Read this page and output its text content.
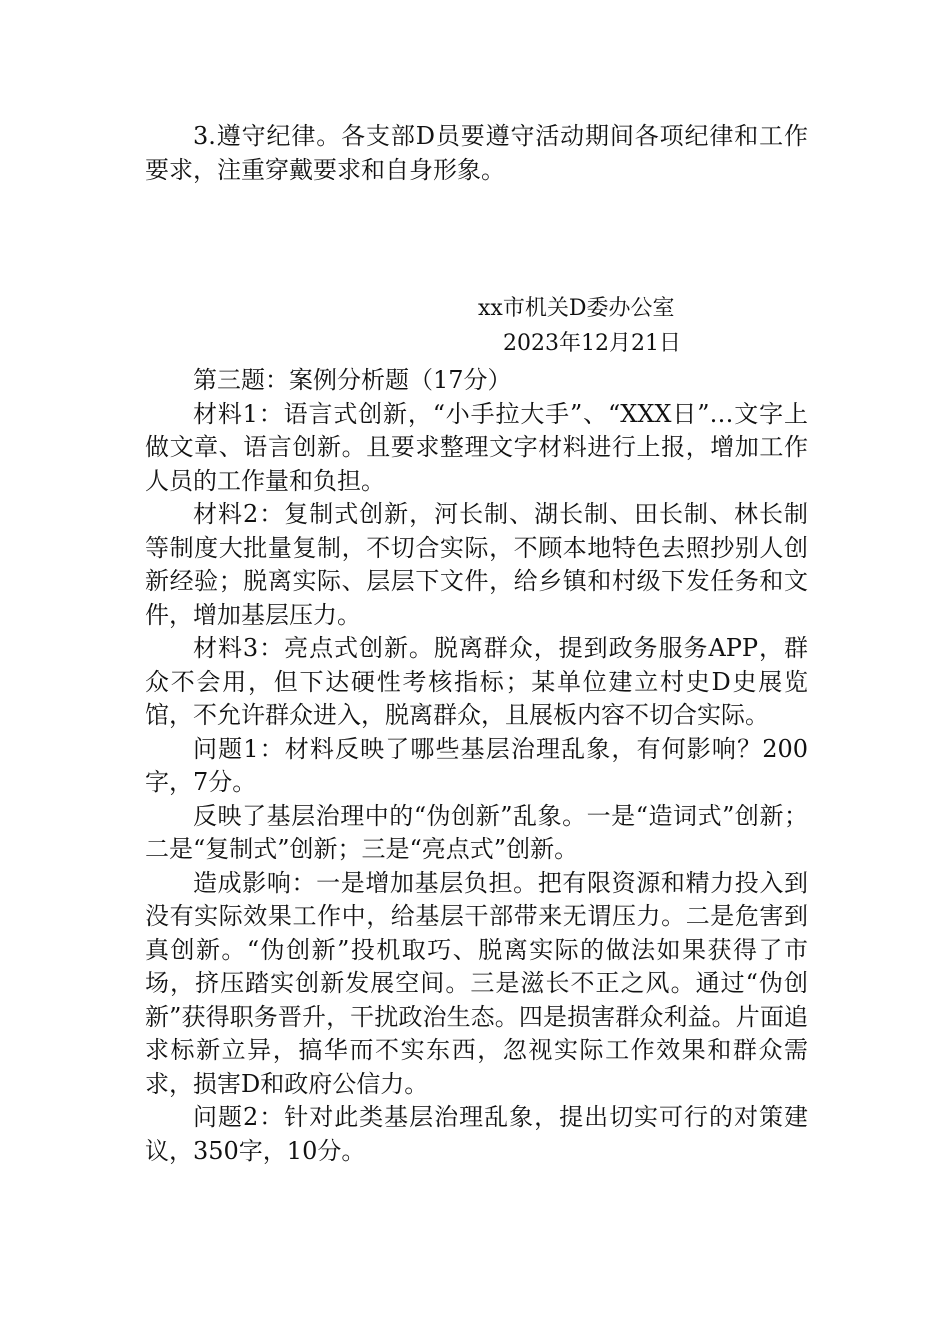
3.遵守纪律。各支部D员要遵守活动期间各项纪律和工作要求，注重穿戴要求和自身形象。

xx市机关D委办公室
2023年12月21日

第三题：案例分析题（17分）

材料1：语言式创新，“小手拉大手”、“XXX日”…文字上做文章、语言创新。且要求整理文字材料进行上报，增加工作人员的工作量和负担。

材料2：复制式创新，河长制、湖长制、田长制、林长制等制度大批量复制，不切合实际，不顾本地特色去照抄别人创新经验；脱离实际、层层下文件，给乡镇和村级下发任务和文件，增加基层压力。

材料3：亮点式创新。脱离群众，提到政务服务APP，群众不会用，但下达硬性考核指标；某单位建立村史D史展览馆，不允许群众进入，脱离群众，且展板内容不切合实际。

问题1：材料反映了哪些基层治理乱象，有何影响？200字，7分。

反映了基层治理中的“伪创新”乱象。一是“造词式”创新；二是“复制式”创新；三是“亮点式”创新。

造成影响：一是增加基层负担。把有限资源和精力投入到没有实际效果工作中，给基层干部带来无谓压力。二是危害到真创新。“伪创新”投机取巧、脱离实际的做法如果获得了市场，挤压踏实创新发展空间。三是滋长不正之风。通过“伪创新”获得职务晋升，干扰政治生态。四是损害群众利益。片面追求标新立异，搞华而不实东西，忽视实际工作效果和群众需求，损害D和政府公信力。

问题2：针对此类基层治理乱象，提出切实可行的对策建议，350字，10分。
